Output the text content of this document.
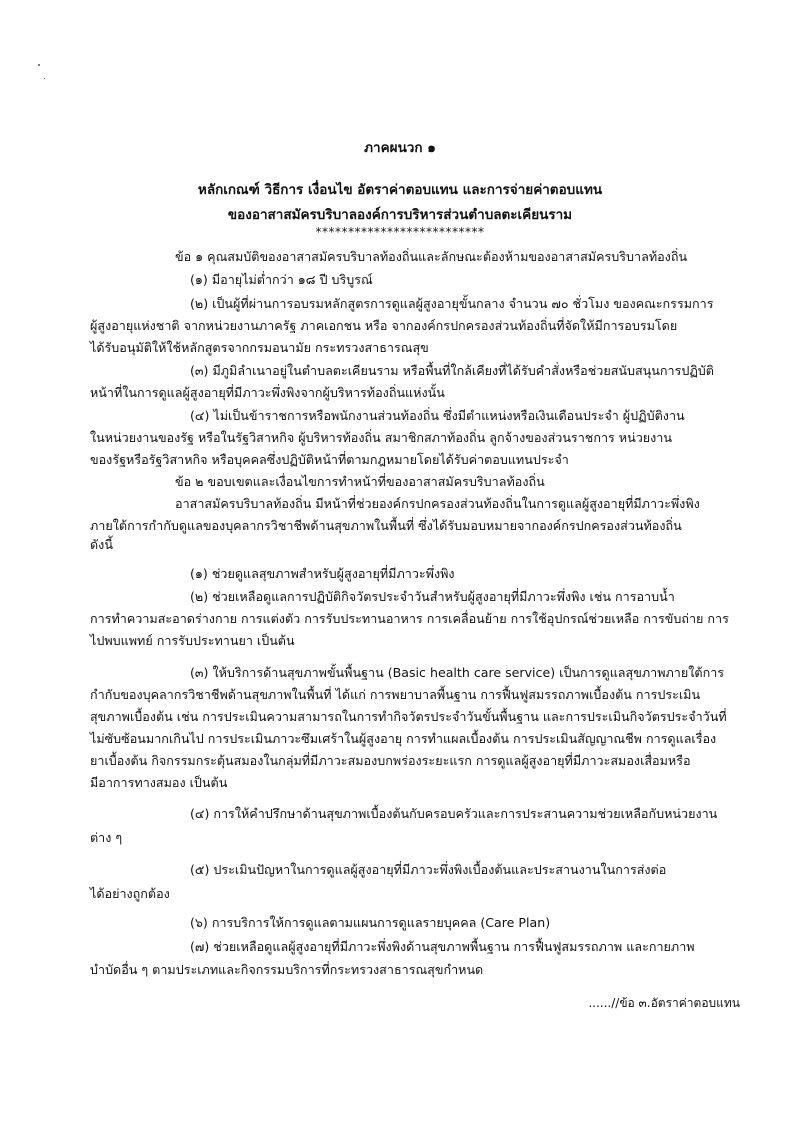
ภาคผนวก ๑
หลักเกณฑ์ วิธีการ เงื่อนไข อัตราค่าตอบแทน และการจ่ายค่าตอบแทน
ของอาสาสมัครบริบาลองค์การบริหารส่วนตำบลตะเคียนราม
**************************
ข้อ ๑ คุณสมบัติของอาสาสมัครบริบาลท้องถิ่นและลักษณะต้องห้ามของอาสาสมัครบริบาลท้องถิ่น
(๑) มีอายุไม่ต่ำกว่า ๑๘ ปี บริบูรณ์
(๒) เป็นผู้ที่ผ่านการอบรมหลักสูตรการดูแลผู้สูงอายุขั้นกลาง จำนวน ๗๐ ชั่วโมง ของคณะกรรมการ
ผู้สูงอายุแห่งชาติ จากหน่วยงานภาครัฐ ภาคเอกชน หรือ จากองค์กรปกครองส่วนท้องถิ่นที่จัดให้มีการอบรมโดย
ได้รับอนุมัติให้ใช้หลักสูตรจากกรมอนามัย กระทรวงสาธารณสุข
(๓) มีภูมิลำเนาอยู่ในตำบลตะเคียนราม หรือพื้นที่ใกล้เคียงที่ได้รับคำสั่งหรือช่วยสนับสนุนการปฏิบัติ
หน้าที่ในการดูแลผู้สูงอายุที่มีภาวะพึ่งพิงจากผู้บริหารท้องถิ่นแห่งนั้น
(๔) ไม่เป็นข้าราชการหรือพนักงานส่วนท้องถิ่น ซึ่งมีตำแหน่งหรือเงินเดือนประจำ ผู้ปฏิบัติงาน
ในหน่วยงานของรัฐ หรือในรัฐวิสาหกิจ ผู้บริหารท้องถิ่น สมาชิกสภาท้องถิ่น ลูกจ้างของส่วนราชการ หน่วยงาน
ของรัฐหรือรัฐวิสาหกิจ หรือบุคคลซึ่งปฏิบัติหน้าที่ตามกฎหมายโดยได้รับค่าตอบแทนประจำ
ข้อ ๒ ขอบเขตและเงื่อนไขการทำหน้าที่ของอาสาสมัครบริบาลท้องถิ่น
อาสาสมัครบริบาลท้องถิ่น มีหน้าที่ช่วยองค์กรปกครองส่วนท้องถิ่นในการดูแลผู้สูงอายุที่มีภาวะพึ่งพิง
ภายใต้การกำกับดูแลของบุคลากรวิชาชีพด้านสุขภาพในพื้นที่ ซึ่งได้รับมอบหมายจากองค์กรปกครองส่วนท้องถิ่น
ดังนี้
(๑) ช่วยดูแลสุขภาพสำหรับผู้สูงอายุที่มีภาวะพึ่งพิง
(๒) ช่วยเหลือดูแลการปฏิบัติกิจวัตรประจำวันสำหรับผู้สูงอายุที่มีภาวะพึ่งพิง เช่น การอาบน้ำ
การทำความสะอาดร่างกาย การแต่งตัว การรับประทานอาหาร การเคลื่อนย้าย การใช้อุปกรณ์ช่วยเหลือ การขับถ่าย การ
ไปพบแพทย์ การรับประทานยา เป็นต้น
(๓) ให้บริการด้านสุขภาพขั้นพื้นฐาน (Basic health care service) เป็นการดูแลสุขภาพภายใต้การ
กำกับของบุคลากรวิชาชีพด้านสุขภาพในพื้นที่ ได้แก่ การพยาบาลพื้นฐาน การฟื้นฟูสมรรถภาพเบื้องต้น การประเมิน
สุขภาพเบื้องต้น เช่น การประเมินความสามารถในการทำกิจวัตรประจำวันขั้นพื้นฐาน และการประเมินกิจวัตรประจำวันที่
ไม่ซับซ้อนมากเกินไป การประเมินภาวะซึมเศร้าในผู้สูงอายุ การทำแผลเบื้องต้น การประเมินสัญญาณชีพ การดูแลเรื่อง
ยาเบื้องต้น กิจกรรมกระตุ้นสมองในกลุ่มที่มีภาวะสมองบกพร่องระยะแรก การดูแลผู้สูงอายุที่มีภาวะสมองเสื่อมหรือ
มีอาการทางสมอง เป็นต้น
(๔) การให้คำปรึกษาด้านสุขภาพเบื้องต้นกับครอบครัวและการประสานความช่วยเหลือกับหน่วยงาน
ต่าง ๆ
(๕) ประเมินปัญหาในการดูแลผู้สูงอายุที่มีภาวะพึ่งพิงเบื้องต้นและประสานงานในการส่งต่อ
ได้อย่างถูกต้อง
(๖) การบริการให้การดูแลตามแผนการดูแลรายบุคคล (Care Plan)
(๗) ช่วยเหลือดูแลผู้สูงอายุที่มีภาวะพึ่งพิงด้านสุขภาพพื้นฐาน การฟื้นฟูสมรรถภาพ และกายภาพ
บำบัดอื่น ๆ ตามประเภทและกิจกรรมบริการที่กระทรวงสาธารณสุขกำหนด
......//ข้อ ๓.อัตราค่าตอบแทน
